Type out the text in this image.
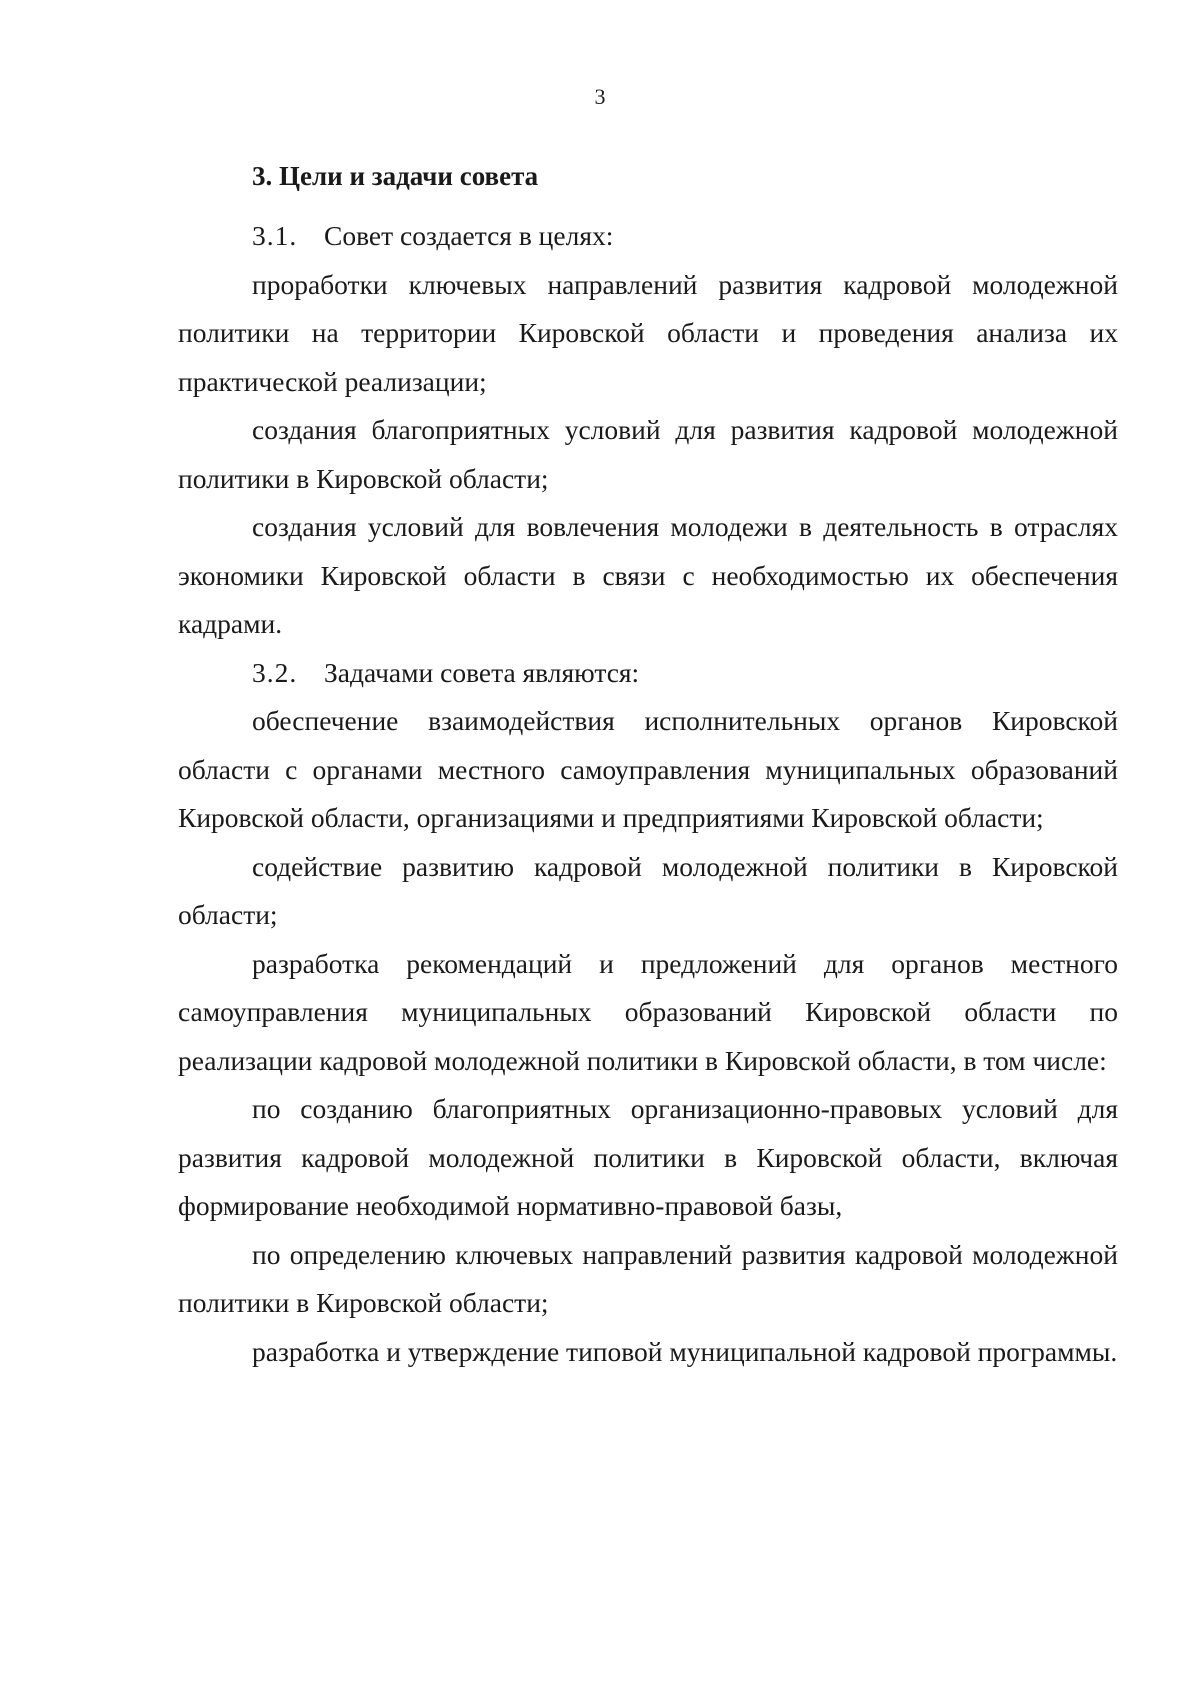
3

3. Цели и задачи совета

3.1. Совет создается в целях:

проработки ключевых направлений развития кадровой молодежной политики на территории Кировской области и проведения анализа их практической реализации;

создания благоприятных условий для развития кадровой молодежной политики в Кировской области;

создания условий для вовлечения молодежи в деятельность в отраслях экономики Кировской области в связи с необходимостью их обеспечения кадрами.

3.2. Задачами совета являются:

обеспечение взаимодействия исполнительных органов Кировской области с органами местного самоуправления муниципальных образований Кировской области, организациями и предприятиями Кировской области;

содействие развитию кадровой молодежной политики в Кировской области;

разработка рекомендаций и предложений для органов местного самоуправления муниципальных образований Кировской области по реализации кадровой молодежной политики в Кировской области, в том числе:

по созданию благоприятных организационно-правовых условий для развития кадровой молодежной политики в Кировской области, включая формирование необходимой нормативно-правовой базы,

по определению ключевых направлений развития кадровой молодежной политики в Кировской области;

разработка и утверждение типовой муниципальной кадровой программы.
